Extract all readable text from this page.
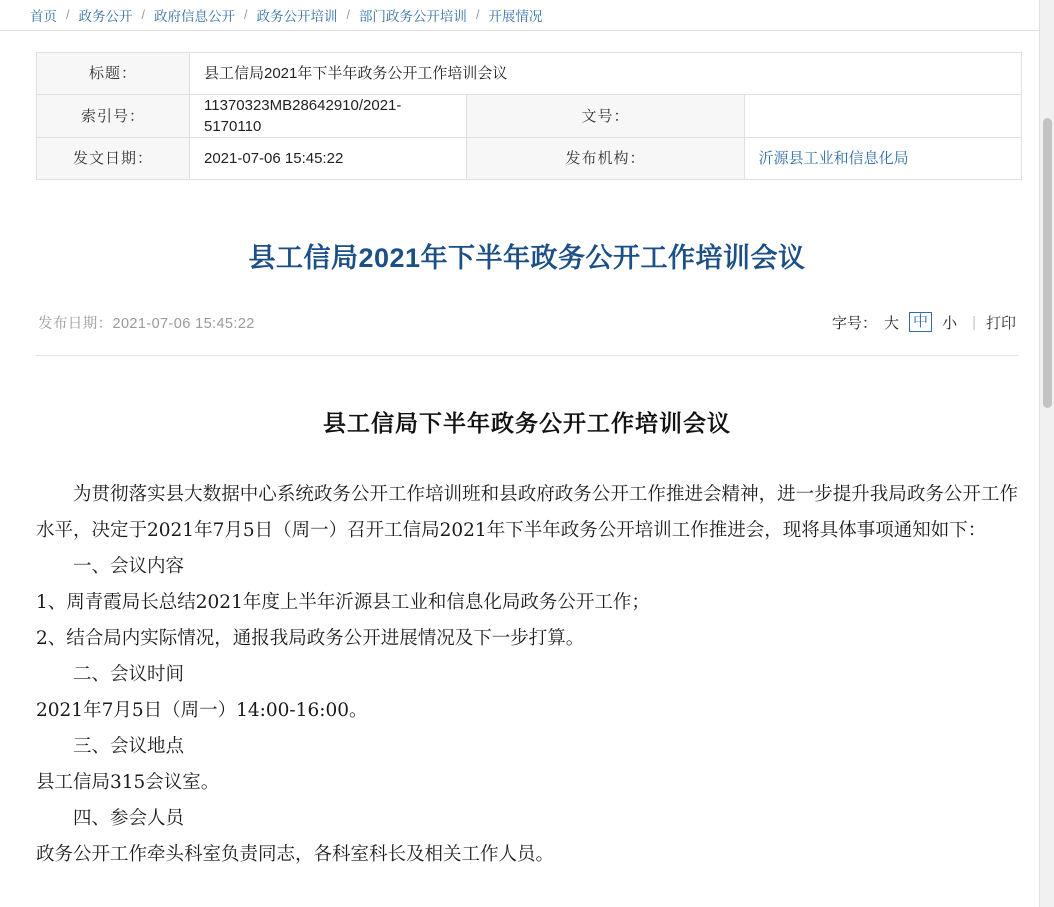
首页 / 政务公开 / 政府信息公开 / 政务公开培训 / 部门政务公开培训 / 开展情况
标题：	县工信局2021年下半年政务公开工作培训会议		
索引号：	11370323MB28642910/2021-5170110	文号：	
发文日期：	2021-07-06 15:45:22	发布机构：	沂源县工业和信息化局
县工信局2021年下半年政务公开工作培训会议
发布日期：2021-07-06 15:45:22	字号： 大 中 小 | 打印
县工信局下半年政务公开工作培训会议

为贯彻落实县大数据中心系统政务公开工作培训班和县政府政务公开工作推进会精神，进一步提升我局政务公开工作水平，决定于2021年7月5日（周一）召开工信局2021年下半年政务公开培训工作推进会，现将具体事项通知如下：

一、会议内容

1、周青霞局长总结2021年度上半年沂源县工业和信息化局政务公开工作；

2、结合局内实际情况，通报我局政务公开进展情况及下一步打算。

二、会议时间

2021年7月5日（周一）14:00-16:00。

三、会议地点

县工信局315会议室。

四、参会人员

政务公开工作牵头科室负责同志，各科室科长及相关工作人员。
